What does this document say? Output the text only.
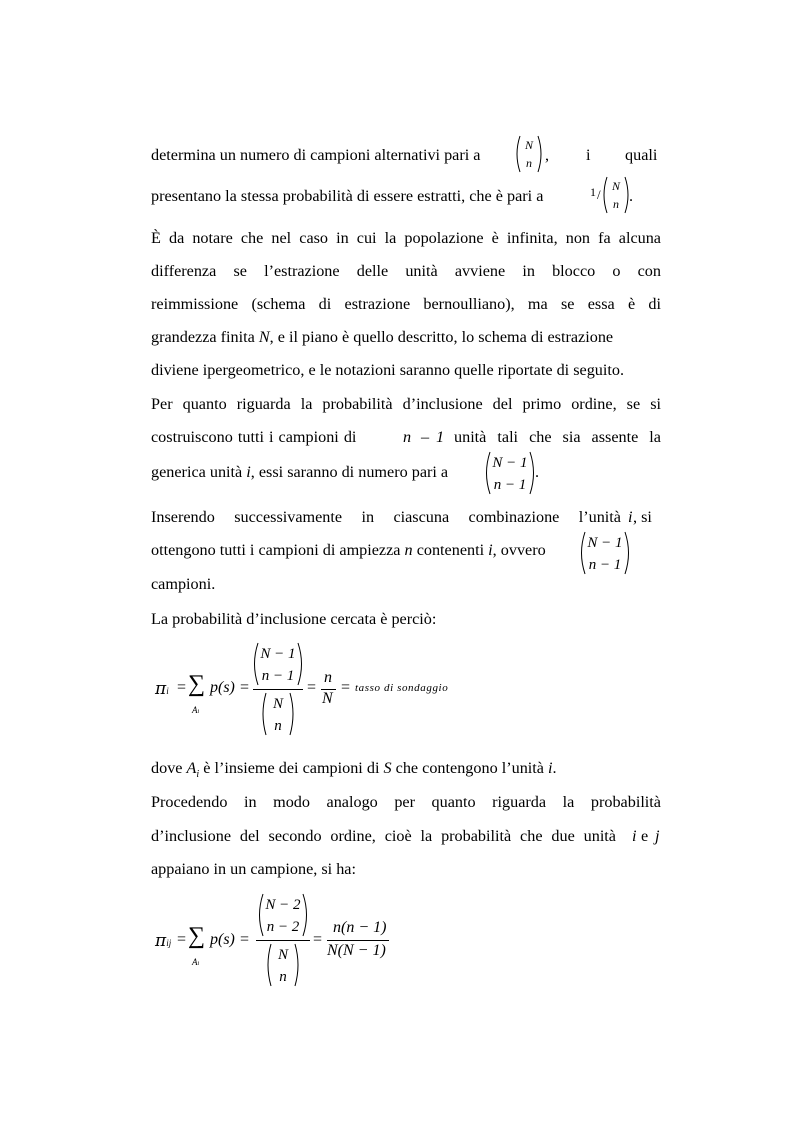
determina un numero di campioni alternativi pari a
N
n , i quali
presentano la stessa probabilità di essere estratti, che è pari a	1 /
N
n .
È da notare che nel caso in cui la popolazione è infinita, non fa alcuna
differenza se l’estrazione delle unità avviene in blocco o con
reimmissione (schema di estrazione bernoulliano), ma se essa è di
grandezza finita N, e il piano è quello descritto, lo schema di estrazione
diviene ipergeometrico, e le notazioni saranno quelle riportate di seguito.
Per quanto riguarda la probabilità d’inclusione del primo ordine, se si
costruiscono tutti i campioni di	n – 1 unità tali che sia assente la
generica unità i, essi saranno di numero pari a	N − 1
n − 1
.
Inserendo successivamente in ciascuna combinazione l’unità i , si
ottengono tutti i campioni di ampiezza n contenenti i, ovvero	N − 1
n − 1
campioni.
La probabilità d’inclusione cercata è perciò:
πi = ∑
Ai
p(s) =
N − 1
n − 1
N
n
=
n
N
= tasso di sondaggio
dove $A_i$ è l’insieme dei campioni di S che contengono l’unità i.
Procedendo in modo analogo per quanto riguarda la probabilità
d’inclusione del secondo ordine, cioè la probabilità che due unità i e j
appaiano in un campione, si ha:
πij = ∑
Ai
p(s) =
N − 2
n − 2
N
n
=
n(n − 1)
N(N − 1)
